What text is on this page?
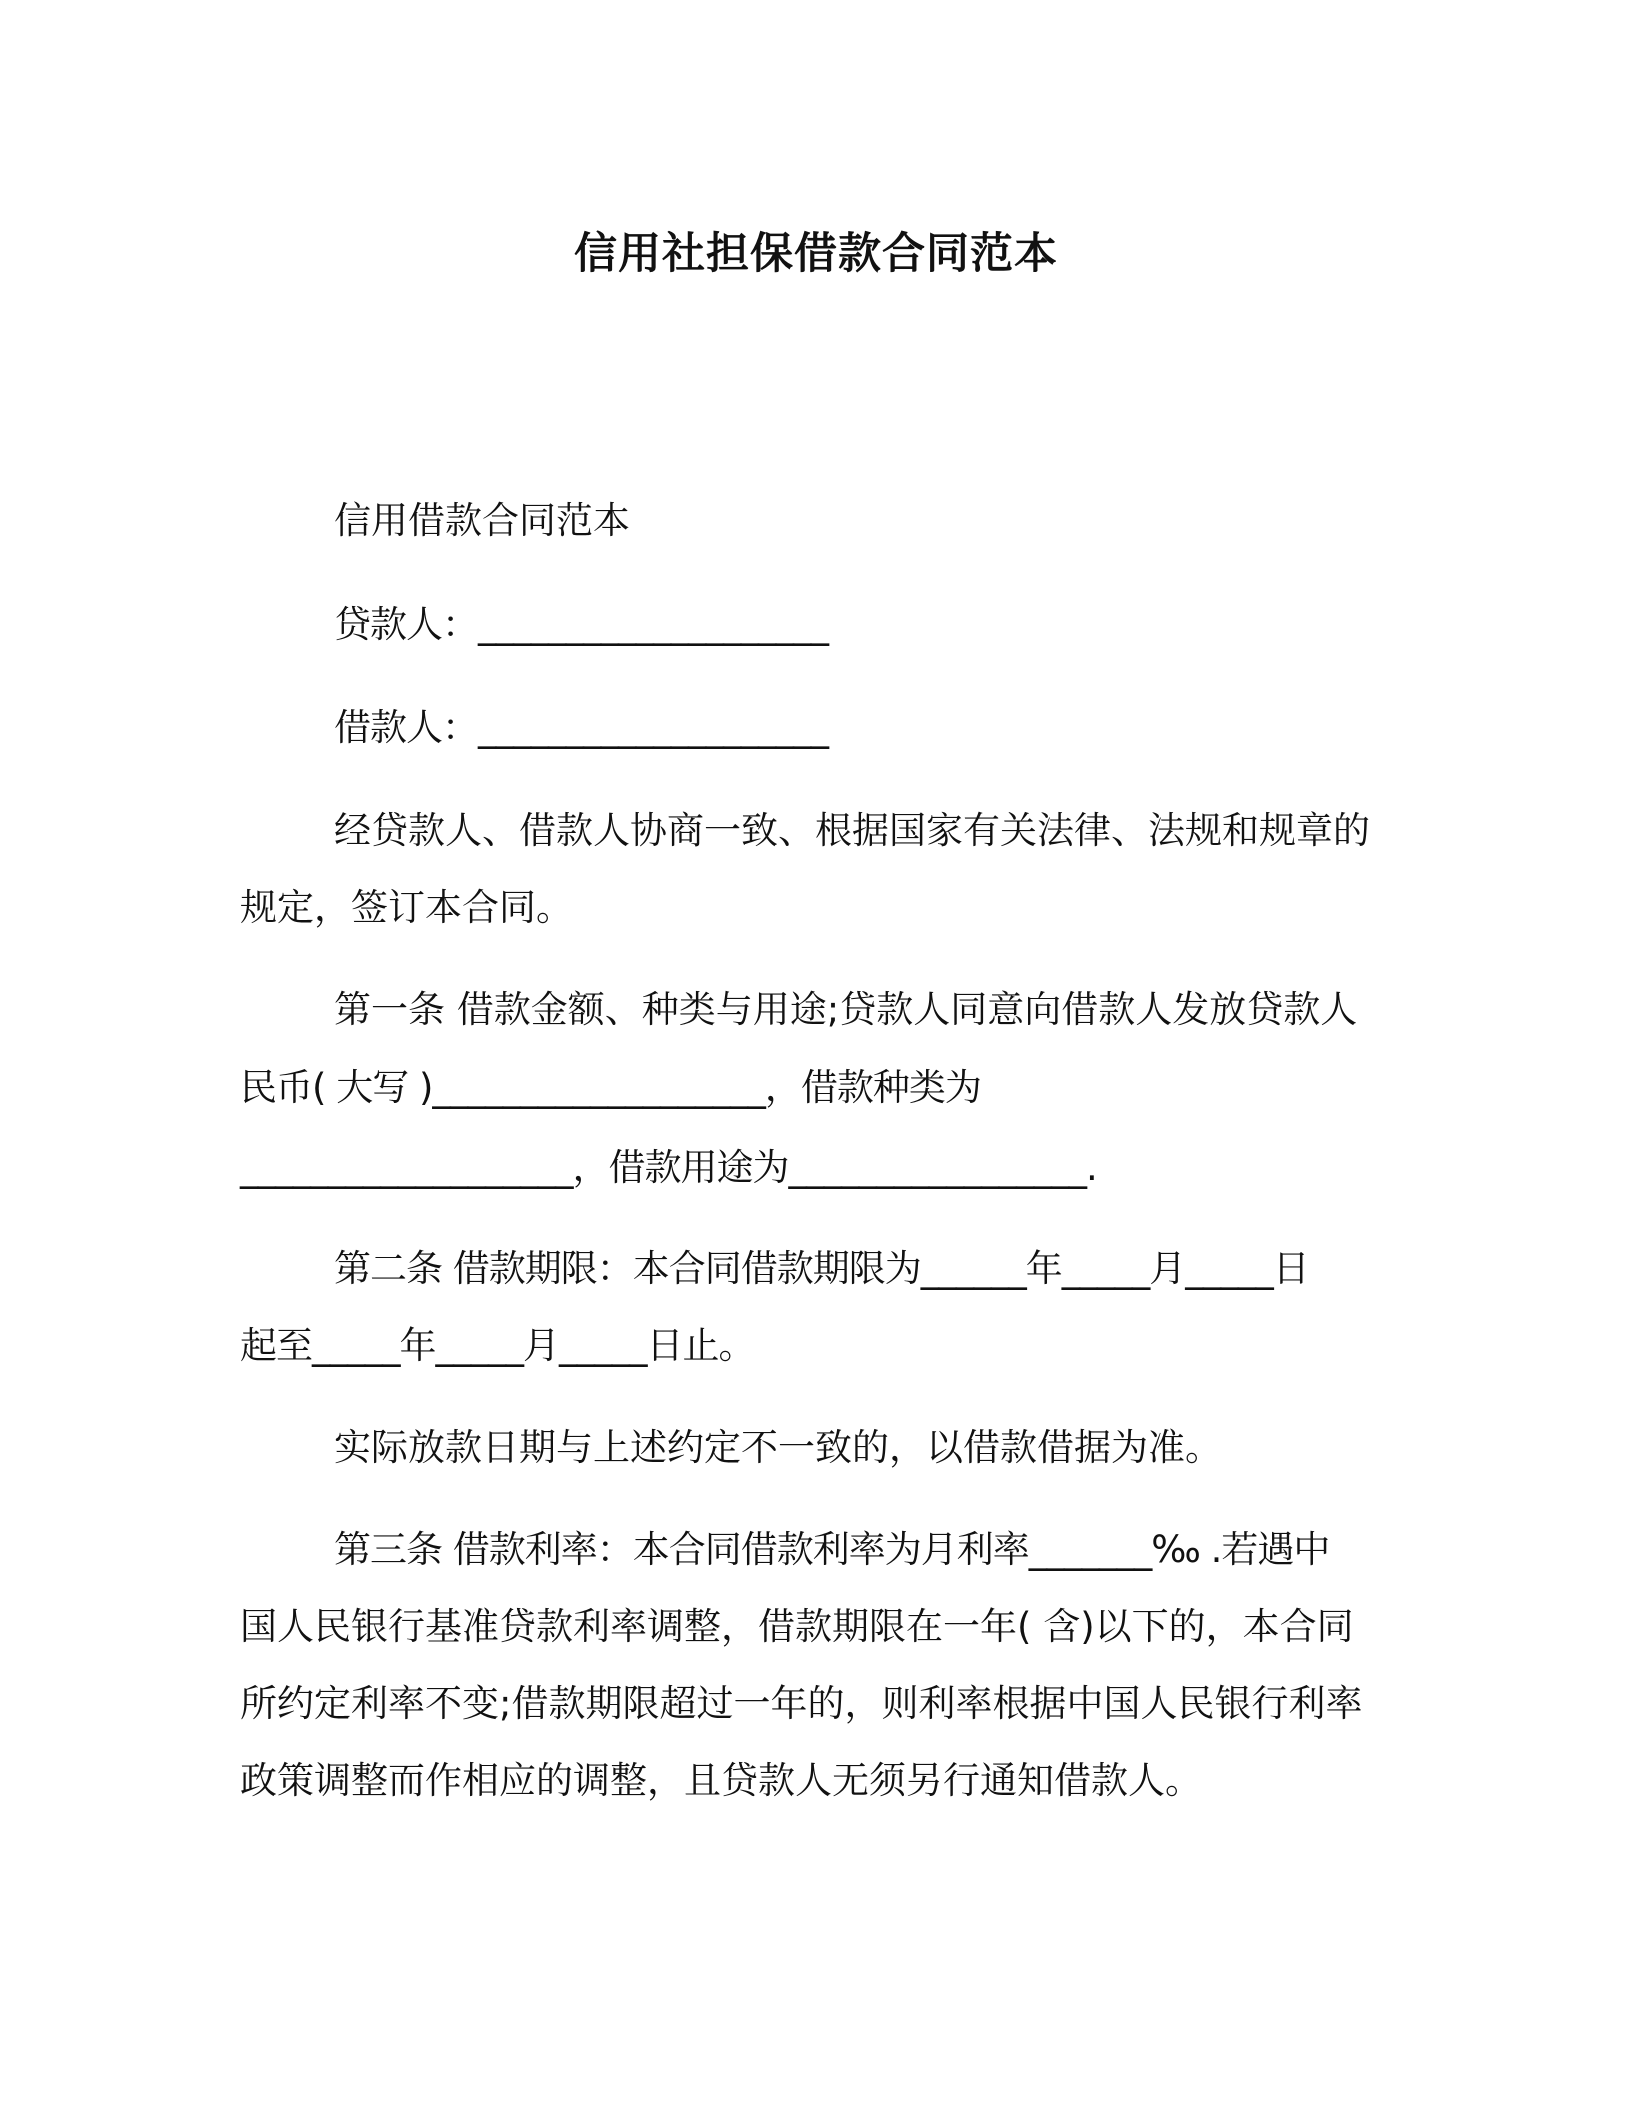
信用社担保借款合同范本
信用借款合同范本
贷款人：____________________
借款人：____________________
经贷款人、借款人协商一致、根据国家有关法律、法规和规章的
规定，签订本合同。
第一条 借款金额、种类与用途;贷款人同意向借款人发放贷款人
民币( 大写 )___________________，借款种类为
___________________，借款用途为_________________.
第二条 借款期限：本合同借款期限为______年_____月_____日
起至_____年_____月_____日止。
实际放款日期与上述约定不一致的，以借款借据为准。
第三条 借款利率：本合同借款利率为月利率_______‰ .若遇中
国人民银行基准贷款利率调整，借款期限在一年( 含)以下的，本合同
所约定利率不变;借款期限超过一年的，则利率根据中国人民银行利率
政策调整而作相应的调整，且贷款人无须另行通知借款人。
